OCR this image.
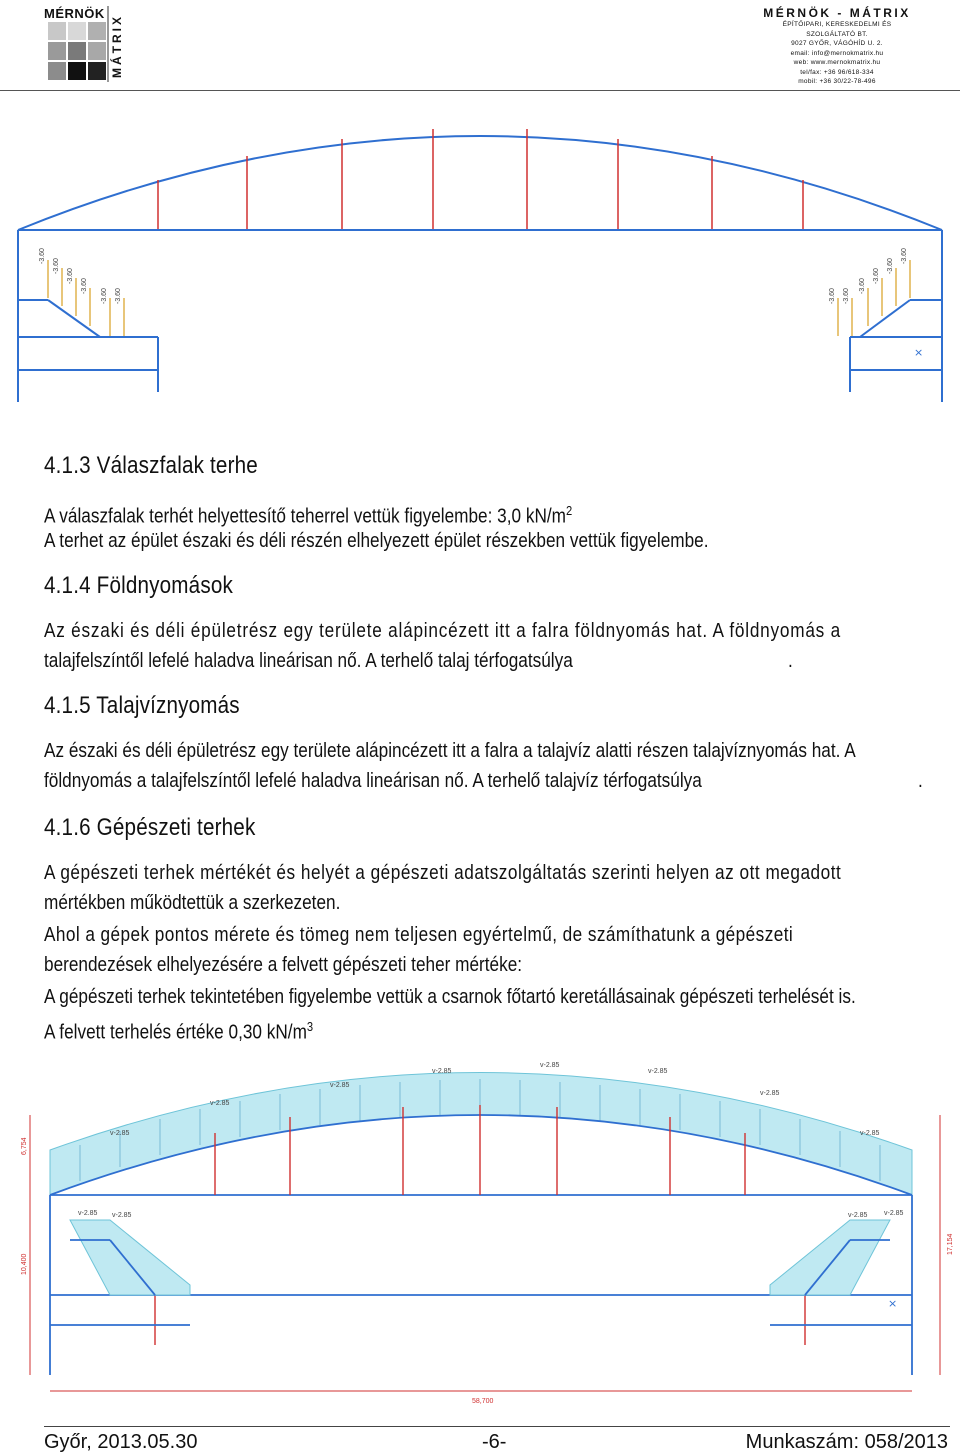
MÉRNÖK
MÁTRIX
MÉRNÖK - MÁTRIX
ÉPÍTŐIPARI, KERESKEDELMI ÉS SZOLGÁLTATÓ BT.
9027 GYŐR, VÁGÓHÍD U. 2.
email: info@mernokmatrix.hu
web: www.mernokmatrix.hu
tel/fax: +36 96/618-334
mobil: +36 30/22-78-496
-3.60
-3.60
-3.60
-3.60
-3.60 -3.60	-3.60 -3.60
-3.60
-3.60
-3.60
-3.60
×
4.1.3 Válaszfalak terhe
A válaszfalak terhét helyettesítő teherrel vettük figyelembe: 3,0 $kN/m^2$
A terhet az épület északi és déli részén elhelyezett épület részekben vettük figyelembe.
4.1.4 Földnyomások
Az északi és déli épületrész egy területe alápincézett itt a falra földnyomás hat. A földnyomás a
talajfelszíntől lefelé haladva lineárisan nő. A terhelő talaj térfogatsúlya	.
4.1.5 Talajvíznyomás
Az északi és déli épületrész egy területe alápincézett itt a falra a talajvíz alatti részen talajvíznyomás hat. A
földnyomás a talajfelszíntől lefelé haladva lineárisan nő. A terhelő talajvíz térfogatsúlya	.
4.1.6 Gépészeti terhek
A gépészeti terhek mértékét és helyét a gépészeti adatszolgáltatás szerinti helyen az ott megadott
mértékben működtettük a szerkezeten.
Ahol a gépek pontos mérete és tömeg nem teljesen egyértelmű, de számíthatunk a gépészeti
berendezések elhelyezésére a felvett gépészeti teher mértéke:
A gépészeti terhek tekintetében figyelembe vettük a csarnok főtartó keretállásainak gépészeti terhelését is.
A felvett terhelés értéke 0,30 $kN/m^3$
v-2.85
v-2.85
v-2.85
v-2.85
v-2.85
v-2.85
v-2.85
v-2.85
v-2.85 v-2.85	v-2.85 v-2.85
6,754
10,400
17,154
58,700
×
Győr, 2013.05.30	-6-	Munkaszám: 058/2013
